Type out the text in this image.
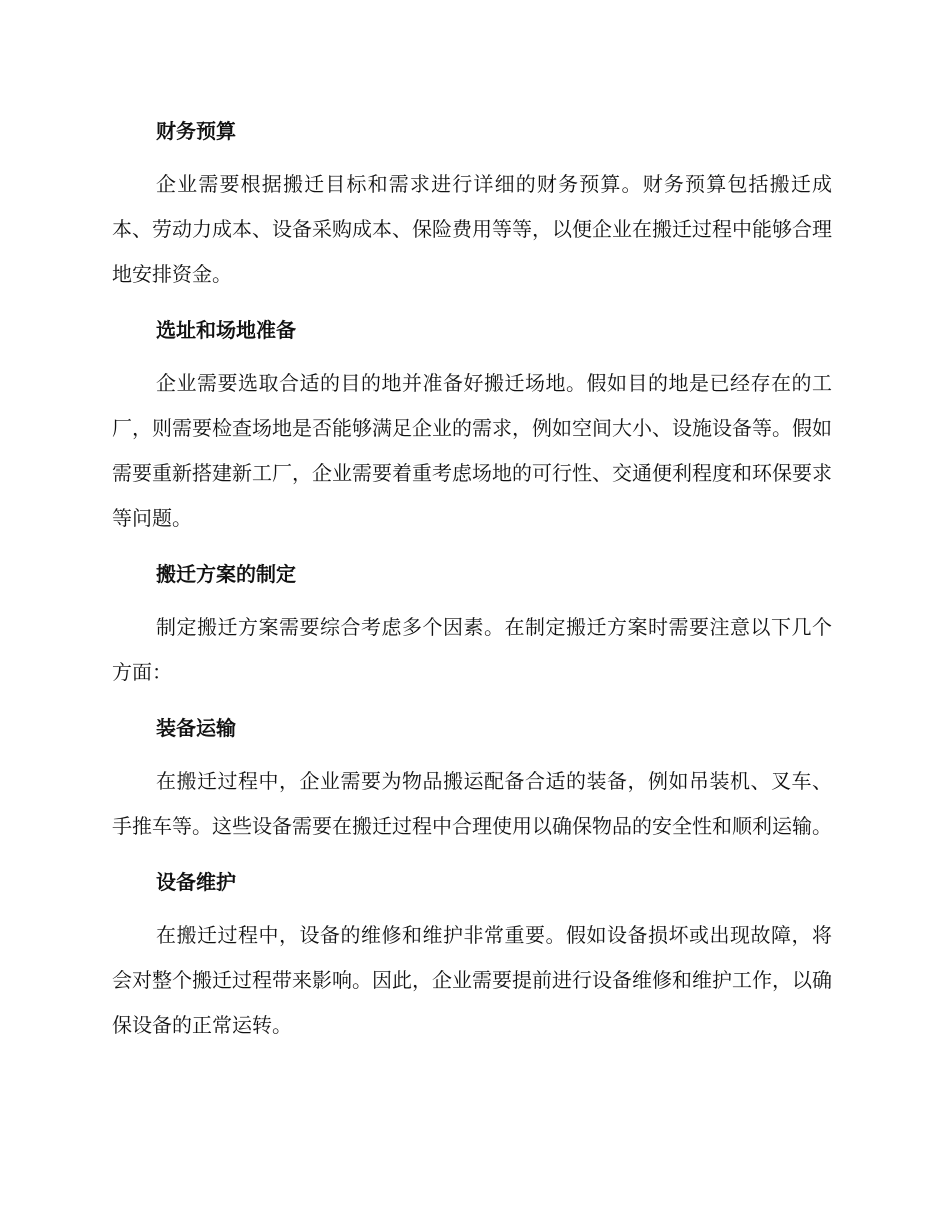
财务预算

企业需要根据搬迁目标和需求进行详细的财务预算。财务预算包括搬迁成本、劳动力成本、设备采购成本、保险费用等等，以便企业在搬迁过程中能够合理地安排资金。

选址和场地准备

企业需要选取合适的目的地并准备好搬迁场地。假如目的地是已经存在的工厂，则需要检查场地是否能够满足企业的需求，例如空间大小、设施设备等。假如需要重新搭建新工厂，企业需要着重考虑场地的可行性、交通便利程度和环保要求等问题。

搬迁方案的制定

制定搬迁方案需要综合考虑多个因素。在制定搬迁方案时需要注意以下几个方面：

装备运输

在搬迁过程中，企业需要为物品搬运配备合适的装备，例如吊装机、叉车、手推车等。这些设备需要在搬迁过程中合理使用以确保物品的安全性和顺利运输。

设备维护

在搬迁过程中，设备的维修和维护非常重要。假如设备损坏或出现故障，将会对整个搬迁过程带来影响。因此，企业需要提前进行设备维修和维护工作，以确保设备的正常运转。
